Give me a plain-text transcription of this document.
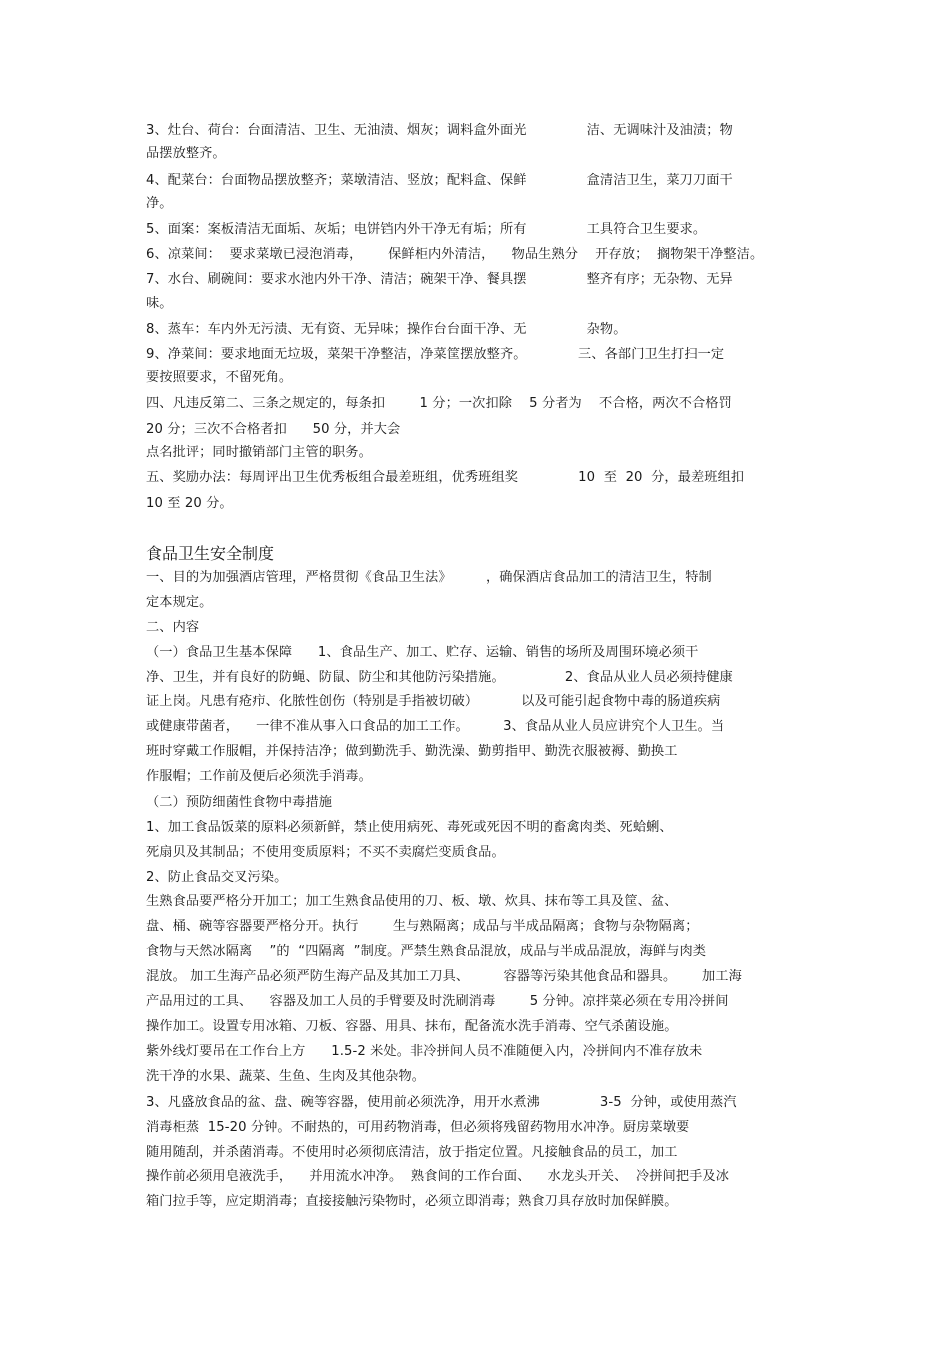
3、灶台、荷台：台面清洁、卫生、无油渍、烟灰；调料盒外面光              洁、无调味汁及油渍；物
品摆放整齐。
4、配菜台：台面物品摆放整齐；菜墩清洁、竖放；配料盒、保鲜              盒清洁卫生，菜刀刀面干
净。
5、面案：案板清洁无面垢、灰垢；电饼铛内外干净无有垢；所有              工具符合卫生要求。
6、凉菜间：  要求菜墩已浸泡消毒，      保鲜柜内外清洁，    物品生熟分    开存放；  搁物架干净整洁。
7、水台、刷碗间：要求水池内外干净、清洁；碗架干净、餐具摆              整齐有序；无杂物、无异
味。
8、蒸车：车内外无污渍、无有资、无异味；操作台台面干净、无              杂物。
9、净菜间：要求地面无垃圾，菜架干净整洁，净菜筐摆放整齐。            三、各部门卫生打扫一定
要按照要求，不留死角。
四、凡违反第二、三条之规定的，每条扣        1 分；一次扣除    5 分者为    不合格，两次不合格罚
20 分；三次不合格者扣      50 分，并大会
点名批评；同时撤销部门主管的职务。
五、奖励办法：每周评出卫生优秀板组合最差班组，优秀班组奖              10  至  20  分，最差班组扣
10 至 20 分。
食品卫生安全制度
一、目的为加强酒店管理，严格贯彻《食品卫生法》        ，确保酒店食品加工的清洁卫生，特制
定本规定。
二、内容
（一）食品卫生基本保障      1、食品生产、加工、贮存、运输、销售的场所及周围环境必须干
净、卫生，并有良好的防蝇、防鼠、防尘和其他防污染措施。              2、食品从业人员必须持健康
证上岗。凡患有疮疖、化脓性创伤（特别是手指被切破）          以及可能引起食物中毒的肠道疾病
或健康带菌者，    一律不准从事入口食品的加工工作。        3、食品从业人员应讲究个人卫生。当
班时穿戴工作服帽，并保持洁净；做到勤洗手、勤洗澡、勤剪指甲、勤洗衣服被褥、勤换工
作服帽；工作前及便后必须洗手消毒。
（二）预防细菌性食物中毒措施
1、加工食品饭菜的原料必须新鲜，禁止使用病死、毒死或死因不明的畜禽肉类、死蛤蜊、
死扇贝及其制品；不使用变质原料；不买不卖腐烂变质食品。
2、防止食品交叉污染。
生熟食品要严格分开加工；加工生熟食品使用的刀、板、墩、炊具、抹布等工具及筐、盆、
盘、桶、碗等容器要严格分开。执行        生与熟隔离；成品与半成品隔离；食物与杂物隔离；
食物与天然冰隔离    ”的  “四隔离  ”制度。严禁生熟食品混放，成品与半成品混放，海鲜与肉类
混放。 加工生海产品必须严防生海产品及其加工刀具、        容器等污染其他食品和器具。      加工海
产品用过的工具、    容器及加工人员的手臂要及时洗刷消毒        5 分钟。凉拌菜必须在专用冷拼间
操作加工。设置专用冰箱、刀板、容器、用具、抹布，配备流水洗手消毒、空气杀菌设施。
紫外线灯要吊在工作台上方      1.5-2 米处。非冷拼间人员不准随便入内，冷拼间内不准存放未
洗干净的水果、蔬菜、生鱼、生肉及其他杂物。
3、凡盛放食品的盆、盘、碗等容器，使用前必须洗净，用开水煮沸              3-5  分钟，或使用蒸汽
消毒柜蒸  15-20 分钟。不耐热的，可用药物消毒，但必须将残留药物用水冲净。厨房菜墩要
随用随刮，并杀菌消毒。不使用时必须彻底清洁，放于指定位置。凡接触食品的员工，加工
操作前必须用皂液洗手，    并用流水冲净。  熟食间的工作台面、    水龙头开关、  冷拼间把手及冰
箱门拉手等，应定期消毒；直接接触污染物时，必须立即消毒；熟食刀具存放时加保鲜膜。
